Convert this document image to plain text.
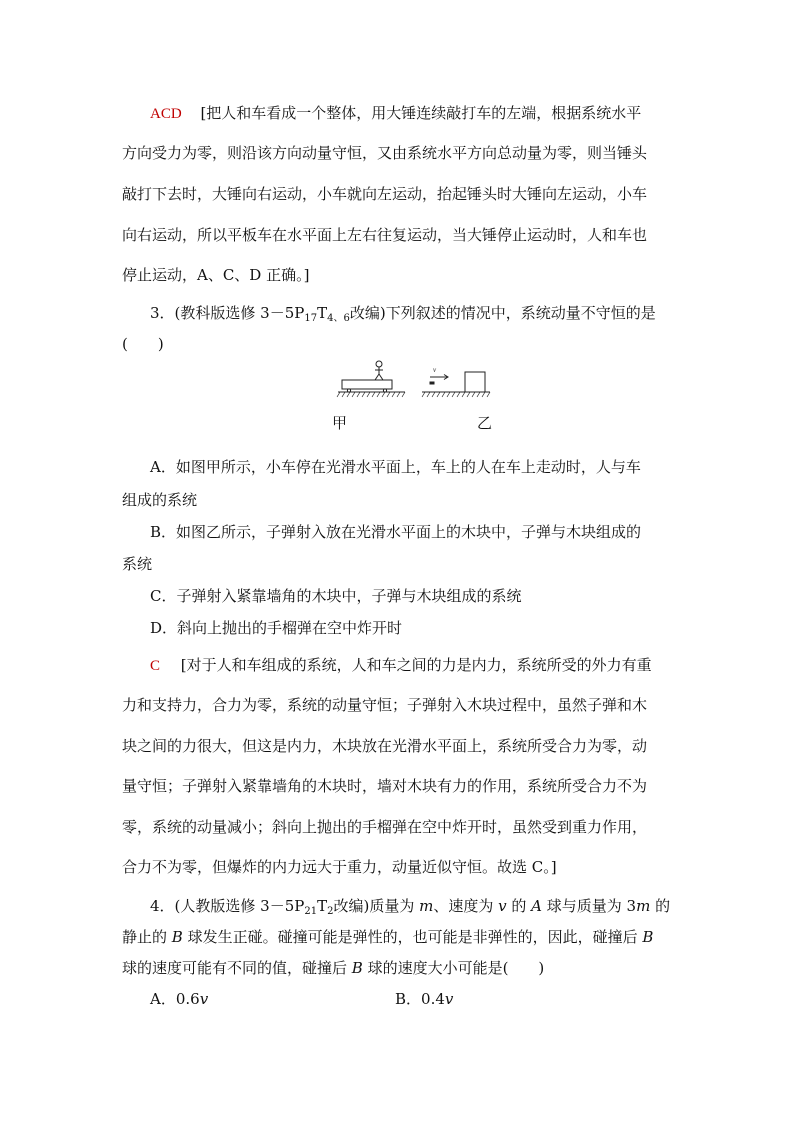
ACD [把人和车看成一个整体，用大锤连续敲打车的左端，根据系统水平
方向受力为零，则沿该方向动量守恒，又由系统水平方向总动量为零，则当锤头
敲打下去时，大锤向右运动，小车就向左运动，抬起锤头时大锤向左运动，小车
向右运动，所以平板车在水平面上左右往复运动，当大锤停止运动时，人和车也
停止运动，A、C、D 正确。]
3．(教科版选修 $3-5P_{17}T_{4、6}$改编)下列叙述的情况中，系统动量不守恒的是
(　　)
v
甲	乙
A．如图甲所示，小车停在光滑水平面上，车上的人在车上走动时，人与车
组成的系统
B．如图乙所示，子弹射入放在光滑水平面上的木块中，子弹与木块组成的
系统
C．子弹射入紧靠墙角的木块中，子弹与木块组成的系统
D．斜向上抛出的手榴弹在空中炸开时
C [对于人和车组成的系统，人和车之间的力是内力，系统所受的外力有重
力和支持力，合力为零，系统的动量守恒；子弹射入木块过程中，虽然子弹和木
块之间的力很大，但这是内力，木块放在光滑水平面上，系统所受合力为零，动
量守恒；子弹射入紧靠墙角的木块时，墙对木块有力的作用，系统所受合力不为
零，系统的动量减小；斜向上抛出的手榴弹在空中炸开时，虽然受到重力作用，
合力不为零，但爆炸的内力远大于重力，动量近似守恒。故选 C。]
4．(人教版选修 $3-5P_{21}T_2$改编)质量为 m、速度为 v 的 A 球与质量为 3m 的
静止的 B 球发生正碰。碰撞可能是弹性的，也可能是非弹性的，因此，碰撞后 B
球的速度可能有不同的值，碰撞后 B 球的速度大小可能是(　　)
A．0.6v	B．0.4v
